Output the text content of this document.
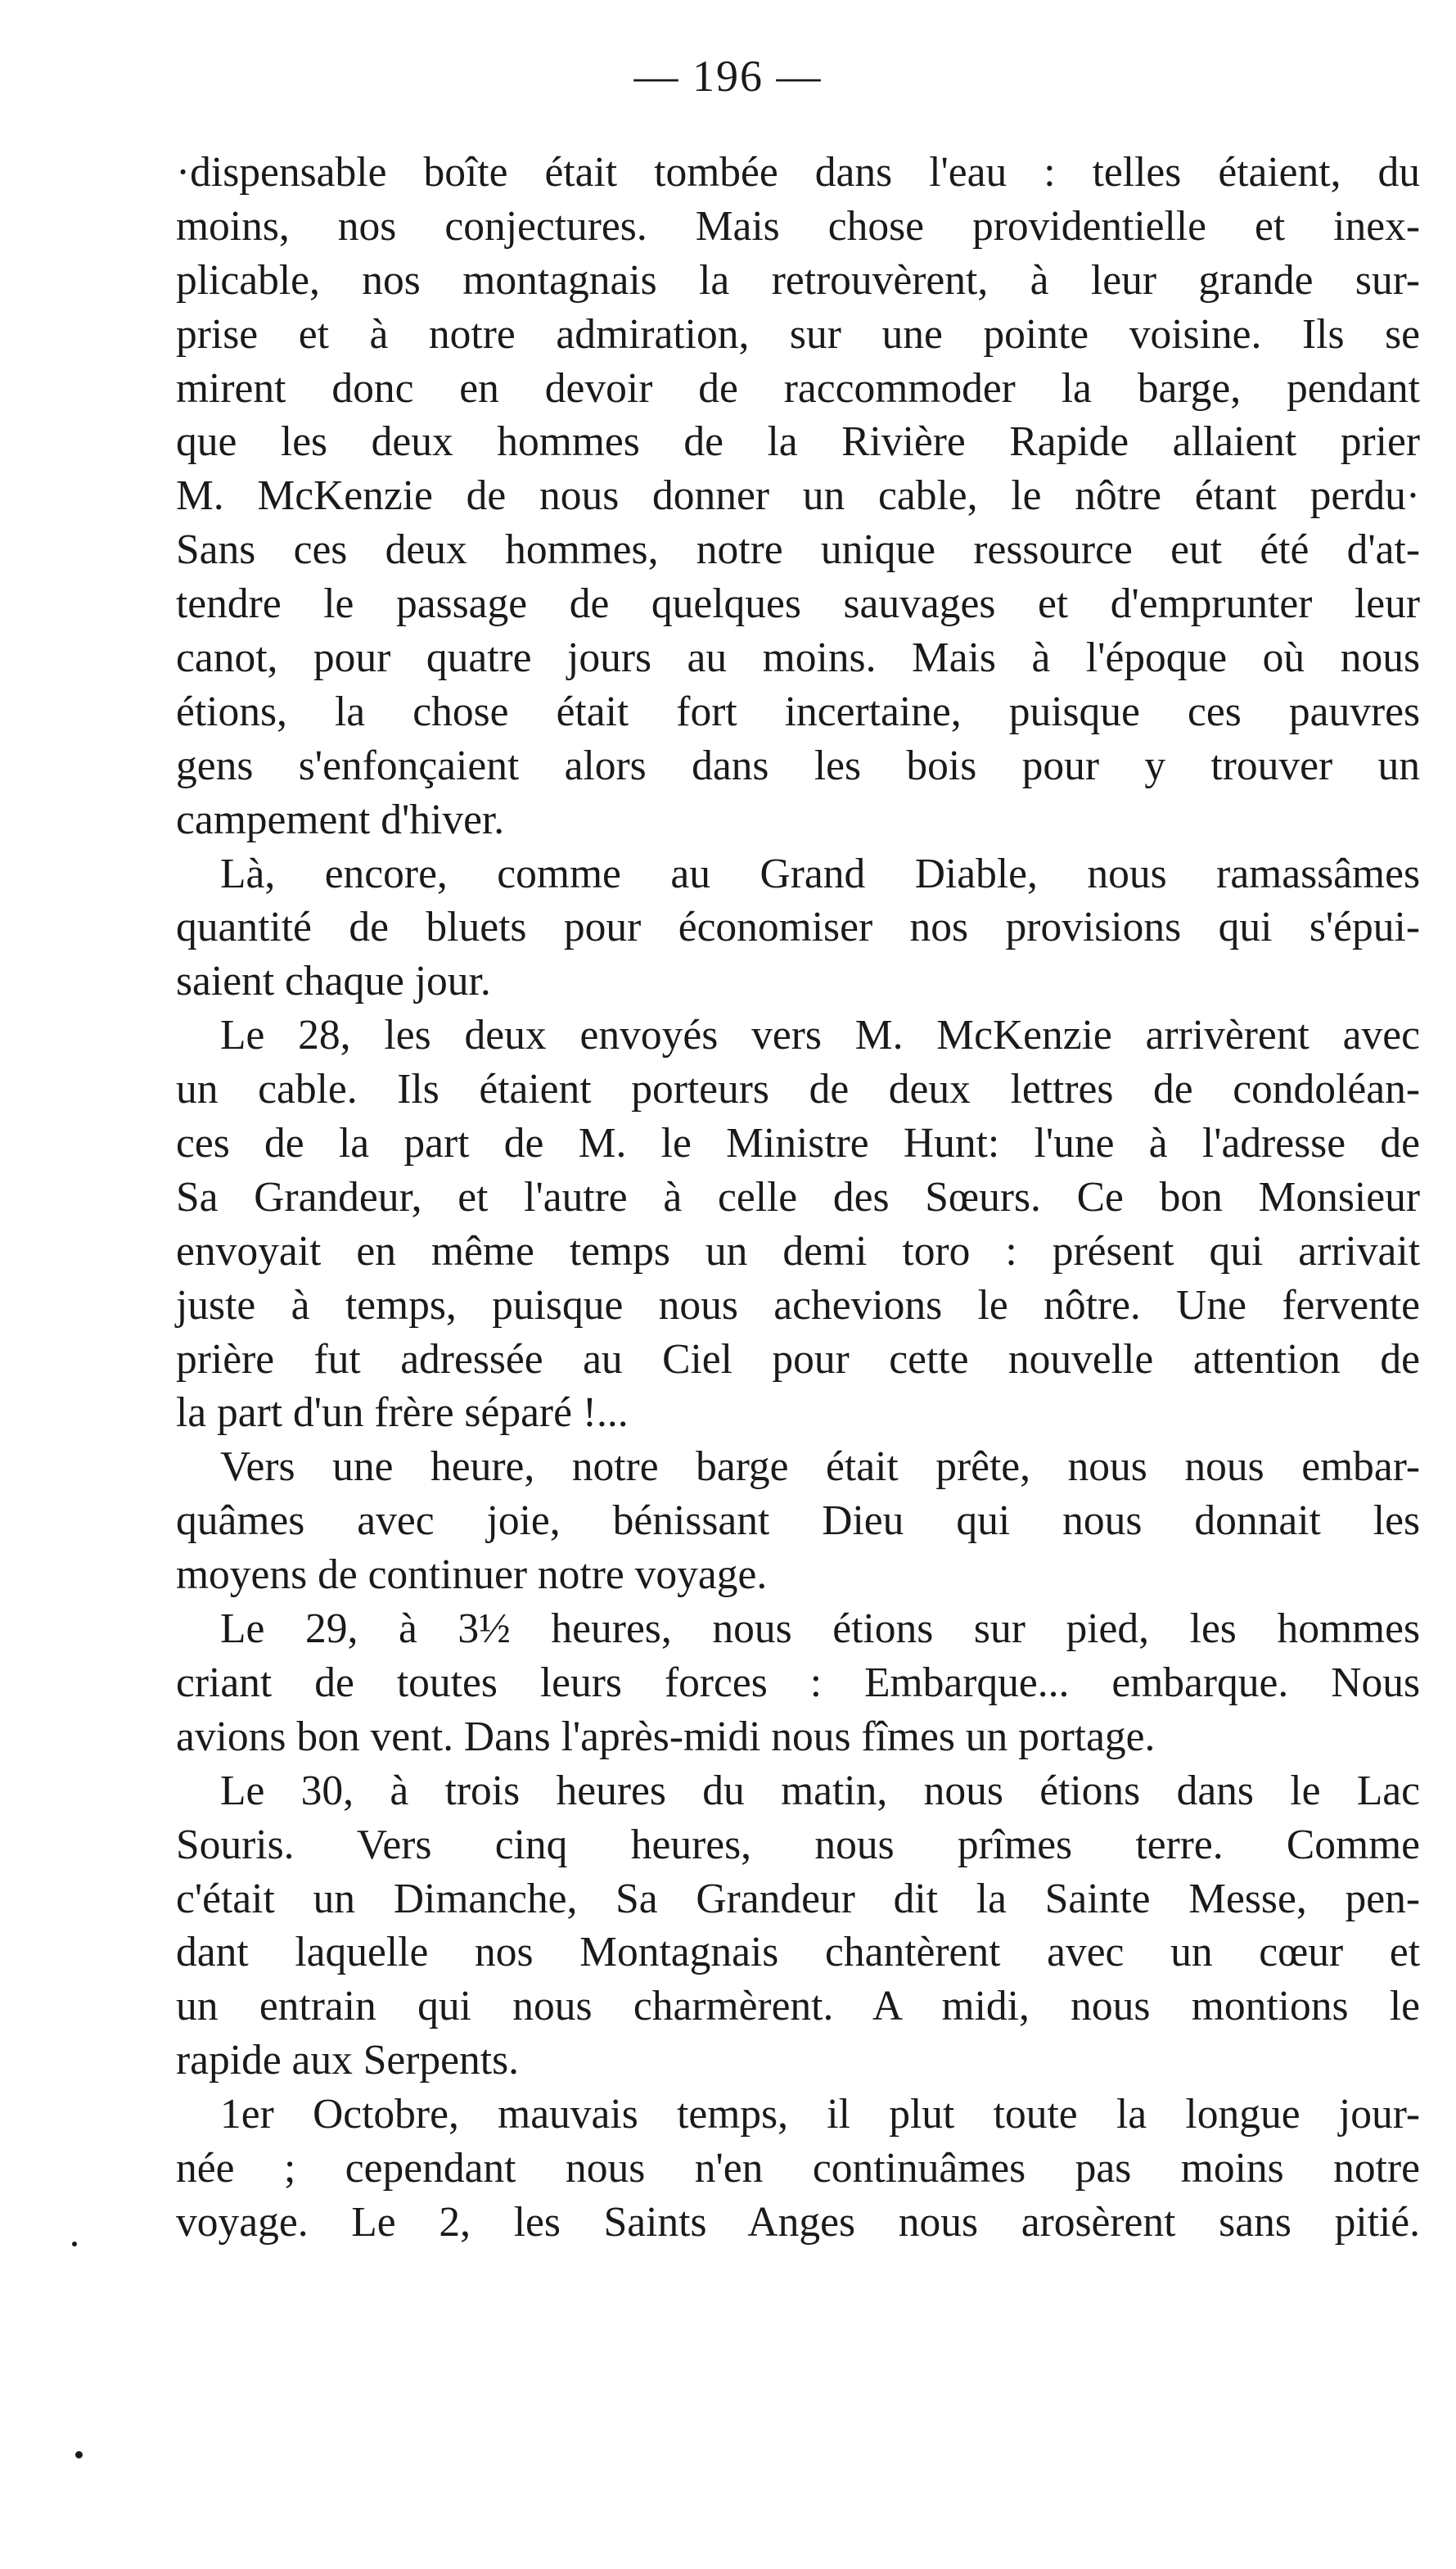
— 196 —
·dispensable boîte était tombée dans l'eau : telles étaient, du
moins, nos conjectures. Mais chose providentielle et inex-
plicable, nos montagnais la retrouvèrent, à leur grande sur-
prise et à notre admiration, sur une pointe voisine. Ils se
mirent donc en devoir de raccommoder la barge, pendant
que les deux hommes de la Rivière Rapide allaient prier
M. McKenzie de nous donner un cable, le nôtre étant perdu·
Sans ces deux hommes, notre unique ressource eut été d'at-
tendre le passage de quelques sauvages et d'emprunter leur
canot, pour quatre jours au moins. Mais à l'époque où nous
étions, la chose était fort incertaine, puisque ces pauvres
gens s'enfonçaient alors dans les bois pour y trouver un
campement d'hiver.
Là, encore, comme au Grand Diable, nous ramassâmes
quantité de bluets pour économiser nos provisions qui s'épui-
saient chaque jour.
Le 28, les deux envoyés vers M. McKenzie arrivèrent avec
un cable. Ils étaient porteurs de deux lettres de condoléan-
ces de la part de M. le Ministre Hunt: l'une à l'adresse de
Sa Grandeur, et l'autre à celle des Sœurs. Ce bon Monsieur
envoyait en même temps un demi toro : présent qui arrivait
juste à temps, puisque nous achevions le nôtre. Une fervente
prière fut adressée au Ciel pour cette nouvelle attention de
la part d'un frère séparé !...
Vers une heure, notre barge était prête, nous nous embar-
quâmes avec joie, bénissant Dieu qui nous donnait les
moyens de continuer notre voyage.
Le 29, à 3½ heures, nous étions sur pied, les hommes
criant de toutes leurs forces : Embarque... embarque. Nous
avions bon vent. Dans l'après-midi nous fîmes un portage.
Le 30, à trois heures du matin, nous étions dans le Lac
Souris. Vers cinq heures, nous prîmes terre. Comme
c'était un Dimanche, Sa Grandeur dit la Sainte Messe, pen-
dant laquelle nos Montagnais chantèrent avec un cœur et
un entrain qui nous charmèrent. A midi, nous montions le
rapide aux Serpents.
1er Octobre, mauvais temps, il plut toute la longue jour-
née ; cependant nous n'en continuâmes pas moins notre
voyage. Le 2, les Saints Anges nous arosèrent sans pitié.
